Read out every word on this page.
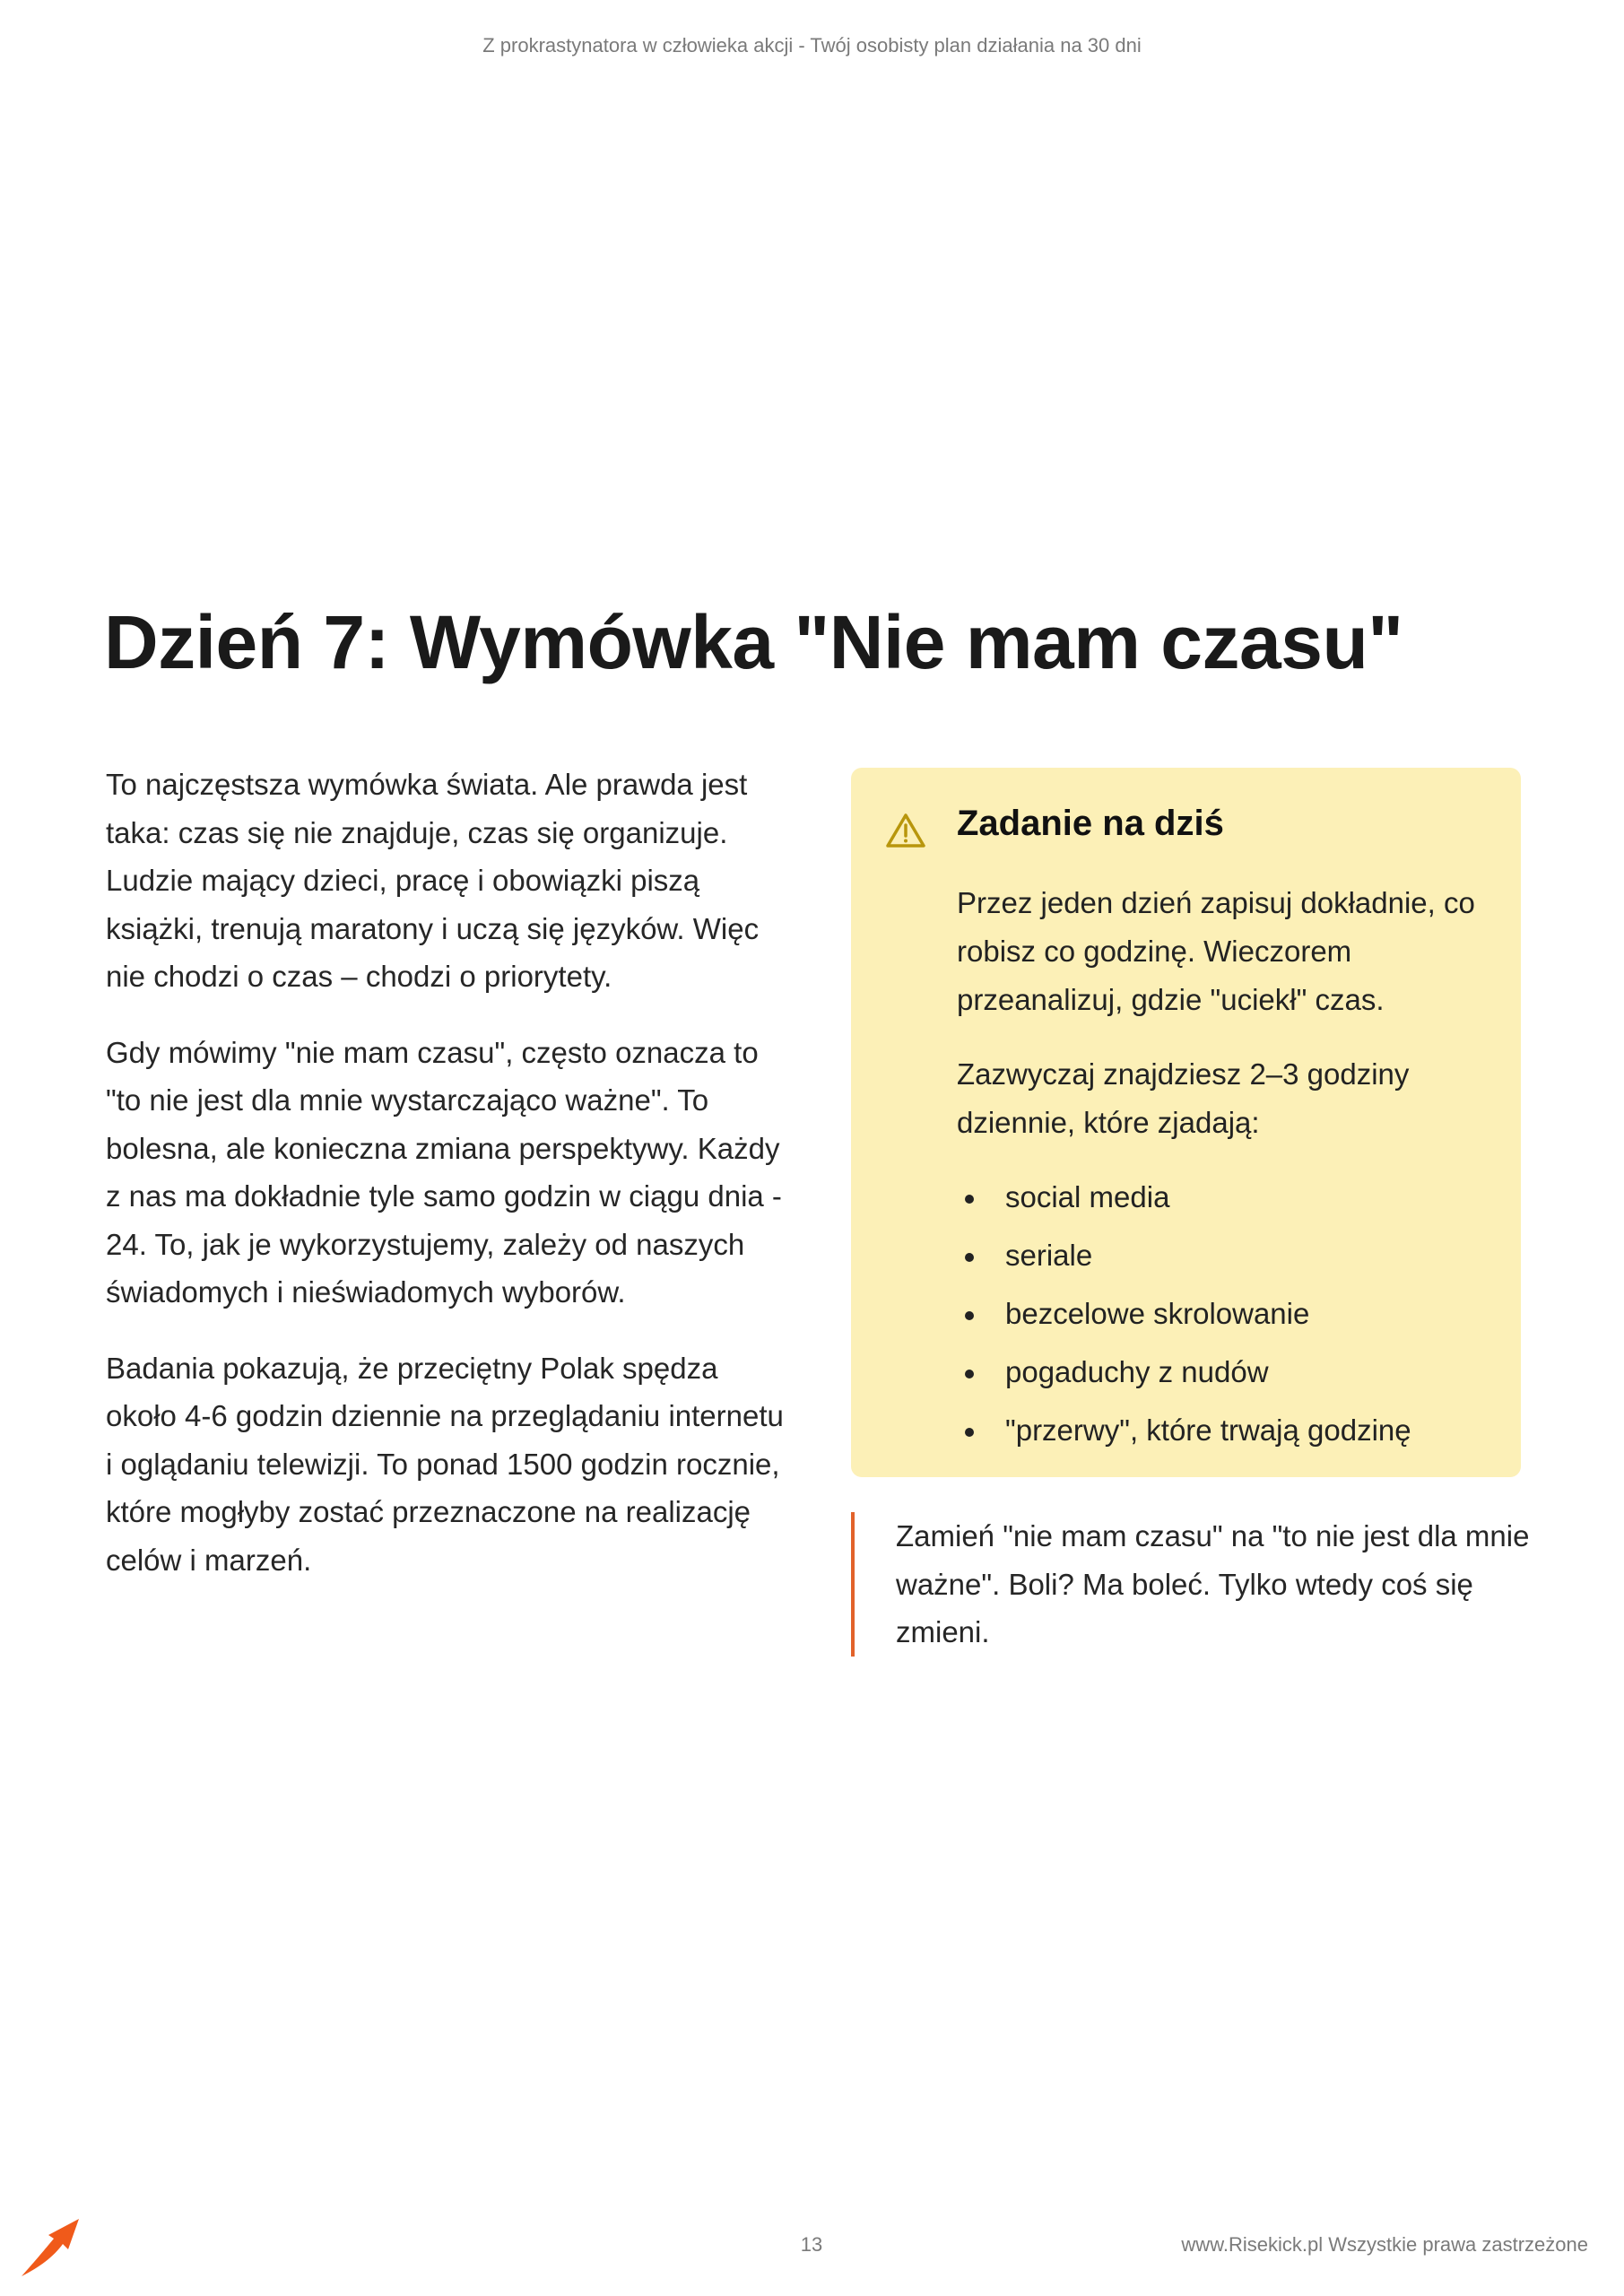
Z prokrastynatora w człowieka akcji - Twój osobisty plan działania na 30 dni
Dzień 7: Wymówka "Nie mam czasu"

To najczęstsza wymówka świata. Ale prawda jest taka: czas się nie znajduje, czas się organizuje. Ludzie mający dzieci, pracę i obowiązki piszą książki, trenują maratony i uczą się języków. Więc nie chodzi o czas – chodzi o priorytety.

Gdy mówimy "nie mam czasu", często oznacza to "to nie jest dla mnie wystarczająco ważne". To bolesna, ale konieczna zmiana perspektywy. Każdy z nas ma dokładnie tyle samo godzin w ciągu dnia - 24. To, jak je wykorzystujemy, zależy od naszych świadomych i nieświadomych wyborów.

Badania pokazują, że przeciętny Polak spędza około 4-6 godzin dziennie na przeglądaniu internetu i oglądaniu telewizji. To ponad 1500 godzin rocznie, które mogłyby zostać przeznaczone na realizację celów i marzeń.

Zadanie na dziś

Przez jeden dzień zapisuj dokładnie, co robisz co godzinę. Wieczorem przeanalizuj, gdzie "uciekł" czas.

Zazwyczaj znajdziesz 2–3 godziny dziennie, które zjadają:

social media
seriale
bezcelowe skrolowanie
pogaduchy z nudów
"przerwy", które trwają godzinę
Zamień "nie mam czasu" na "to nie jest dla mnie ważne". Boli? Ma boleć. Tylko wtedy coś się zmieni.
13	www.Risekick.pl Wszystkie prawa zastrzeżone
